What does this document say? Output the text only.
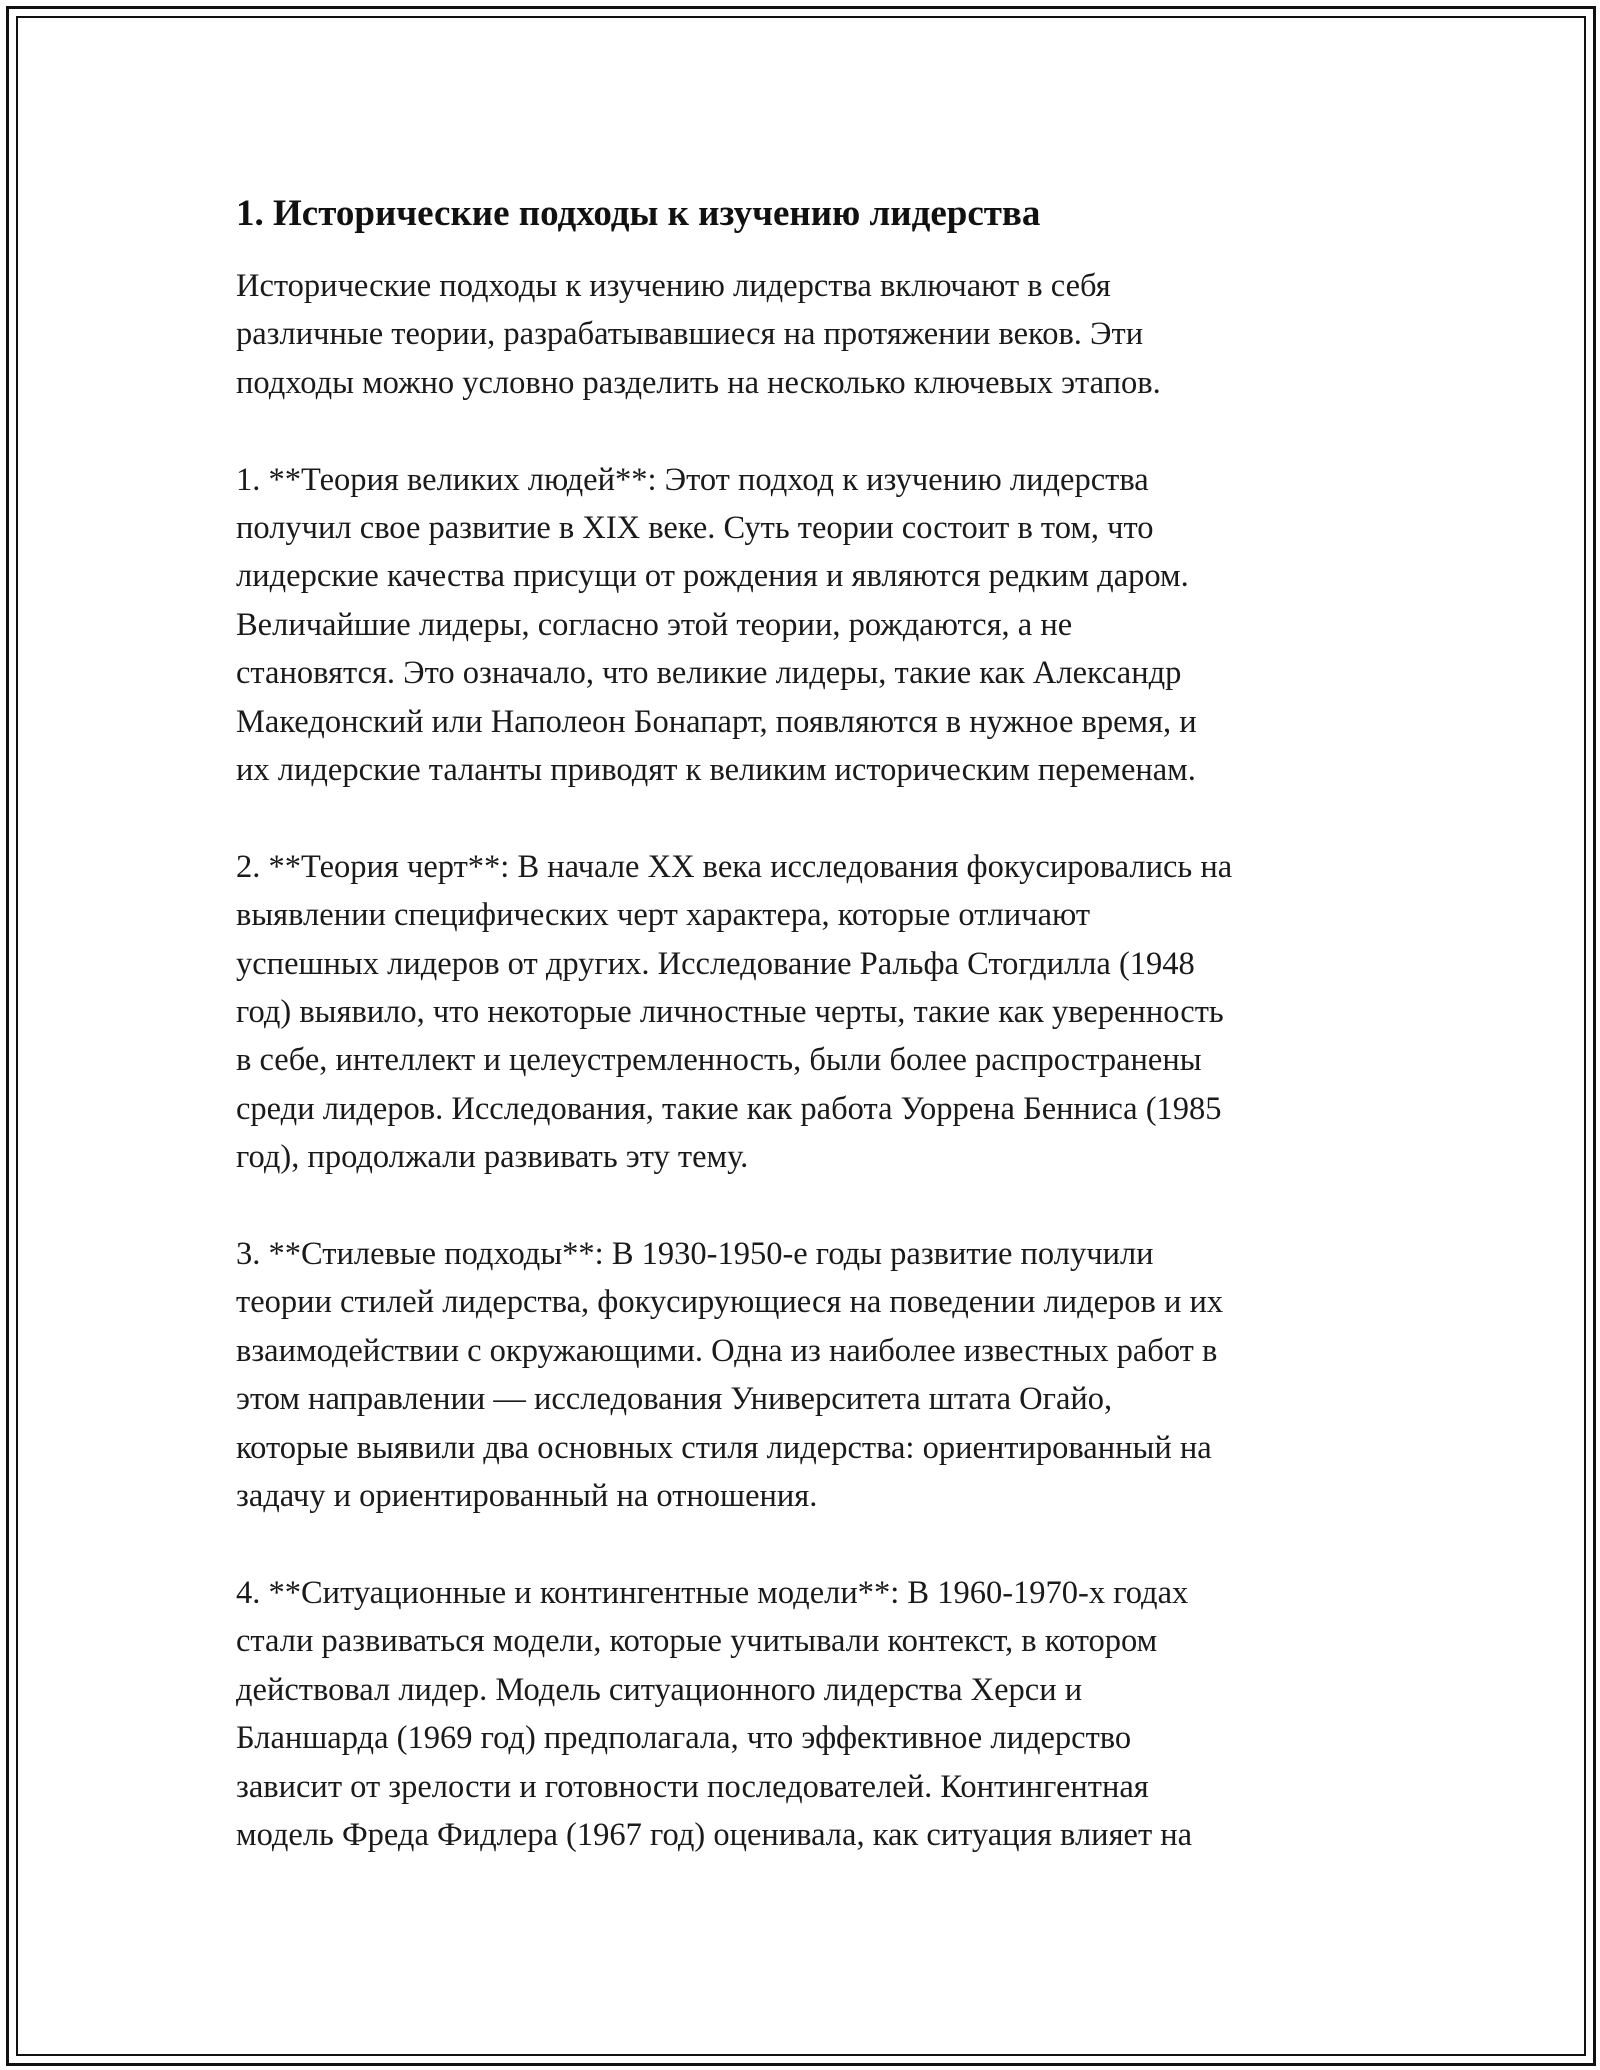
1. Исторические подходы к изучению лидерства

Исторические подходы к изучению лидерства включают в себя
различные теории, разрабатывавшиеся на протяжении веков. Эти
подходы можно условно разделить на несколько ключевых этапов.

1. **Теория великих людей**: Этот подход к изучению лидерства
получил свое развитие в XIX веке. Суть теории состоит в том, что
лидерские качества присущи от рождения и являются редким даром.
Величайшие лидеры, согласно этой теории, рождаются, а не
становятся. Это означало, что великие лидеры, такие как Александр
Македонский или Наполеон Бонапарт, появляются в нужное время, и
их лидерские таланты приводят к великим историческим переменам.

2. **Теория черт**: В начале XX века исследования фокусировались на
выявлении специфических черт характера, которые отличают
успешных лидеров от других. Исследование Ральфа Стогдилла (1948
год) выявило, что некоторые личностные черты, такие как уверенность
в себе, интеллект и целеустремленность, были более распространены
среди лидеров. Исследования, такие как работа Уоррена Бенниса (1985
год), продолжали развивать эту тему.

3. **Стилевые подходы**: В 1930-1950-е годы развитие получили
теории стилей лидерства, фокусирующиеся на поведении лидеров и их
взаимодействии с окружающими. Одна из наиболее известных работ в
этом направлении — исследования Университета штата Огайо,
которые выявили два основных стиля лидерства: ориентированный на
задачу и ориентированный на отношения.

4. **Ситуационные и контингентные модели**: В 1960-1970-х годах
стали развиваться модели, которые учитывали контекст, в котором
действовал лидер. Модель ситуационного лидерства Херси и
Бланшарда (1969 год) предполагала, что эффективное лидерство
зависит от зрелости и готовности последователей. Контингентная
модель Фреда Фидлера (1967 год) оценивала, как ситуация влияет на
